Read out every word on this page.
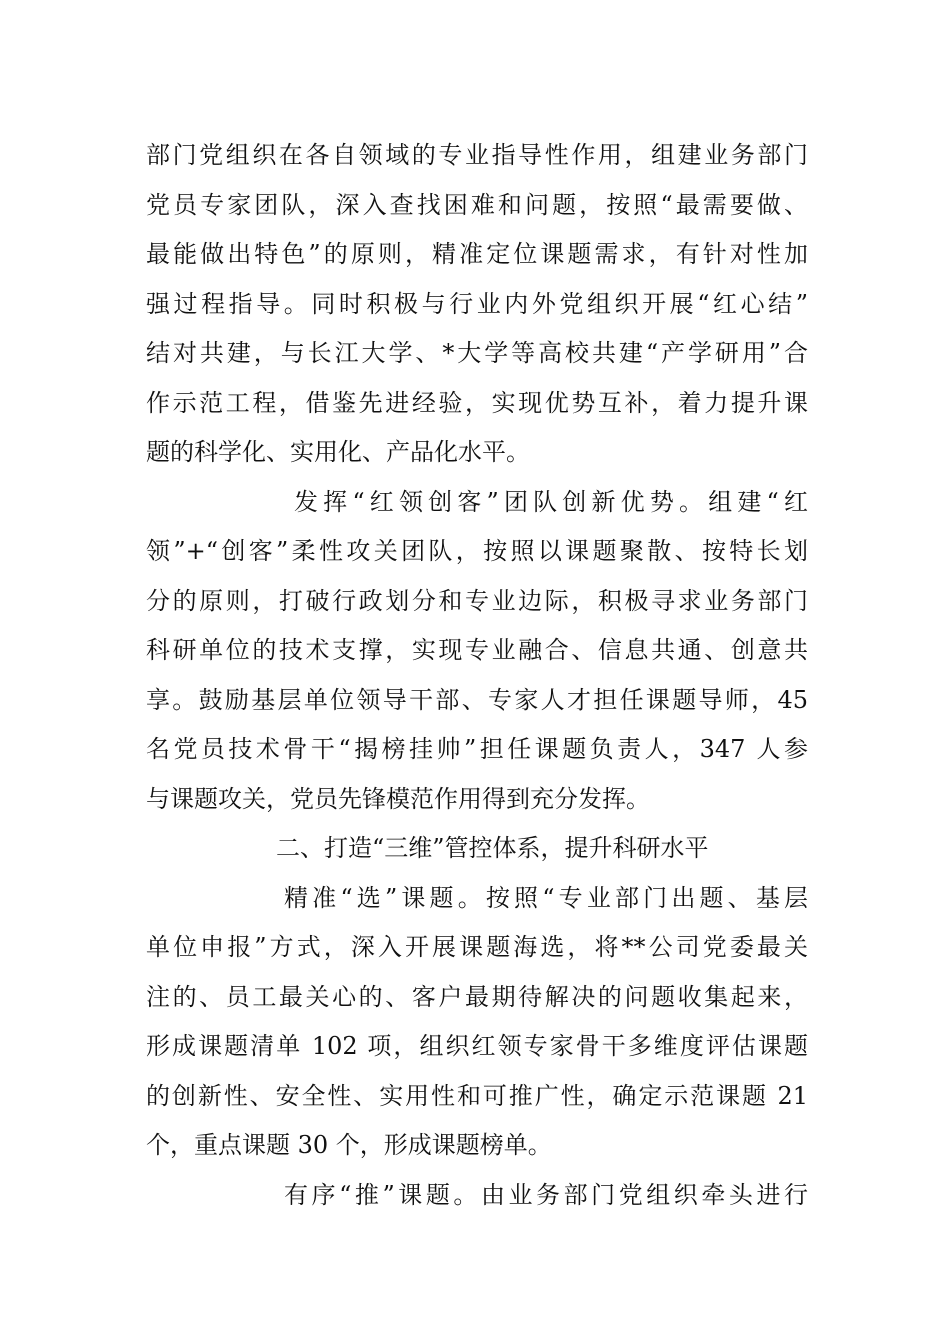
部门党组织在各自领域的专业指导性作用，组建业务部门
党员专家团队，深入查找困难和问题，按照“最需要做、
最能做出特色”的原则，精准定位课题需求，有针对性加
强过程指导。同时积极与行业内外党组织开展“红心结”
结对共建，与长江大学、*大学等高校共建“产学研用”合
作示范工程，借鉴先进经验，实现优势互补，着力提升课
题的科学化、实用化、产品化水平。
发挥“红领创客”团队创新优势。组建“红
领”+“创客”柔性攻关团队，按照以课题聚散、按特长划
分的原则，打破行政划分和专业边际，积极寻求业务部门
科研单位的技术支撑，实现专业融合、信息共通、创意共
享。鼓励基层单位领导干部、专家人才担任课题导师，45
名党员技术骨干“揭榜挂帅”担任课题负责人，347 人参
与课题攻关，党员先锋模范作用得到充分发挥。
二、打造“三维”管控体系，提升科研水平
精准“选”课题。按照“专业部门出题、基层
单位申报”方式，深入开展课题海选，将**公司党委最关
注的、员工最关心的、客户最期待解决的问题收集起来，
形成课题清单 102 项，组织红领专家骨干多维度评估课题
的创新性、安全性、实用性和可推广性，确定示范课题 21
个，重点课题 30 个，形成课题榜单。
有序“推”课题。由业务部门党组织牵头进行
